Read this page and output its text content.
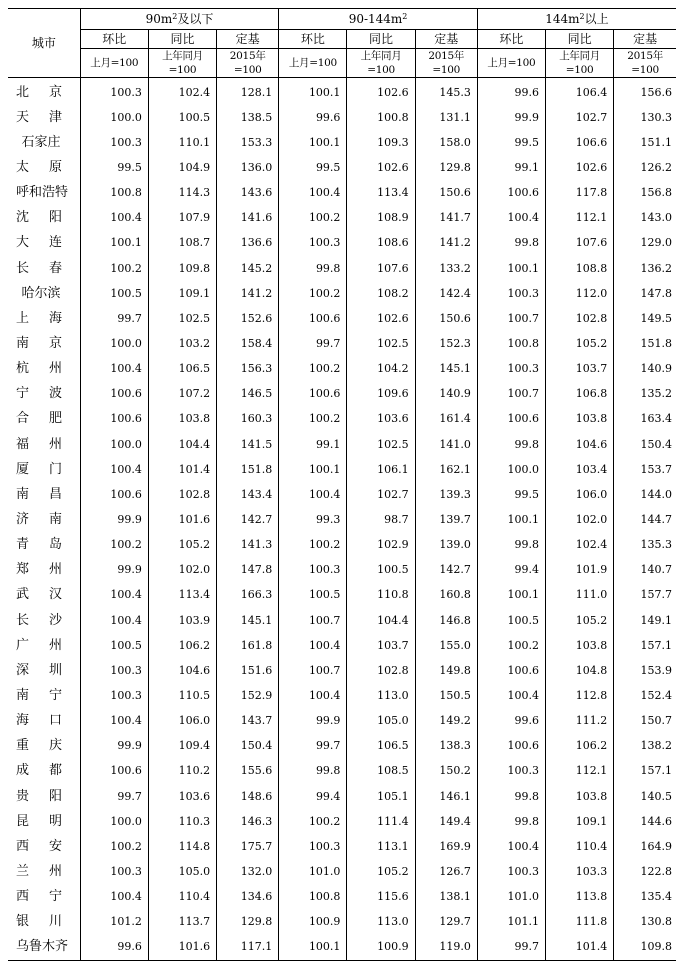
城市	$90m^2$及以下			$90-144m^2$			$144m^2$以上		
	环比	同比	定基	环比	同比	定基	环比	同比	定基
	上月=100	上年同月=100	2015年=100	上月=100	上年同月=100	2015年=100	上月=100	上年同月=100	2015年=100

北 京	100.3	102.4	128.1	100.1	102.6	145.3	99.6	106.4	156.6

天 津	100.0	100.5	138.5	99.6	100.8	131.1	99.9	102.7	130.3

石家庄	100.3	110.1	153.3	100.1	109.3	158.0	99.5	106.6	151.1

太 原	99.5	104.9	136.0	99.5	102.6	129.8	99.1	102.6	126.2
呼和浩特	100.8	114.3	143.6	100.4	113.4	150.6	100.6	117.8	156.8

沈 阳	100.4	107.9	141.6	100.2	108.9	141.7	100.4	112.1	143.0

大 连	100.1	108.7	136.6	100.3	108.6	141.2	99.8	107.6	129.0

长 春	100.2	109.8	145.2	99.8	107.6	133.2	100.1	108.8	136.2

哈尔滨	100.5	109.1	141.2	100.2	108.2	142.4	100.3	112.0	147.8

上 海	99.7	102.5	152.6	100.6	102.6	150.6	100.7	102.8	149.5

南 京	100.0	103.2	158.4	99.7	102.5	152.3	100.8	105.2	151.8

杭 州	100.4	106.5	156.3	100.2	104.2	145.1	100.3	103.7	140.9

宁 波	100.6	107.2	146.5	100.6	109.6	140.9	100.7	106.8	135.2

合 肥	100.6	103.8	160.3	100.2	103.6	161.4	100.6	103.8	163.4

福 州	100.0	104.4	141.5	99.1	102.5	141.0	99.8	104.6	150.4

厦 门	100.4	101.4	151.8	100.1	106.1	162.1	100.0	103.4	153.7

南 昌	100.6	102.8	143.4	100.4	102.7	139.3	99.5	106.0	144.0

济 南	99.9	101.6	142.7	99.3	98.7	139.7	100.1	102.0	144.7

青 岛	100.2	105.2	141.3	100.2	102.9	139.0	99.8	102.4	135.3

郑 州	99.9	102.0	147.8	100.3	100.5	142.7	99.4	101.9	140.7

武 汉	100.4	113.4	166.3	100.5	110.8	160.8	100.1	111.0	157.7

长 沙	100.4	103.9	145.1	100.7	104.4	146.8	100.5	105.2	149.1

广 州	100.5	106.2	161.8	100.4	103.7	155.0	100.2	103.8	157.1

深 圳	100.3	104.6	151.6	100.7	102.8	149.8	100.6	104.8	153.9

南 宁	100.3	110.5	152.9	100.4	113.0	150.5	100.4	112.8	152.4

海 口	100.4	106.0	143.7	99.9	105.0	149.2	99.6	111.2	150.7

重 庆	99.9	109.4	150.4	99.7	106.5	138.3	100.6	106.2	138.2

成 都	100.6	110.2	155.6	99.8	108.5	150.2	100.3	112.1	157.1

贵 阳	99.7	103.6	148.6	99.4	105.1	146.1	99.8	103.8	140.5

昆 明	100.0	110.3	146.3	100.2	111.4	149.4	99.8	109.1	144.6

西 安	100.2	114.8	175.7	100.3	113.1	169.9	100.4	110.4	164.9

兰 州	100.3	105.0	132.0	101.0	105.2	126.7	100.3	103.3	122.8

西 宁	100.4	110.4	134.6	100.8	115.6	138.1	101.0	113.8	135.4

银 川	101.2	113.7	129.8	100.9	113.0	129.7	101.1	111.8	130.8
乌鲁木齐	99.6	101.6	117.1	100.1	100.9	119.0	99.7	101.4	109.8
